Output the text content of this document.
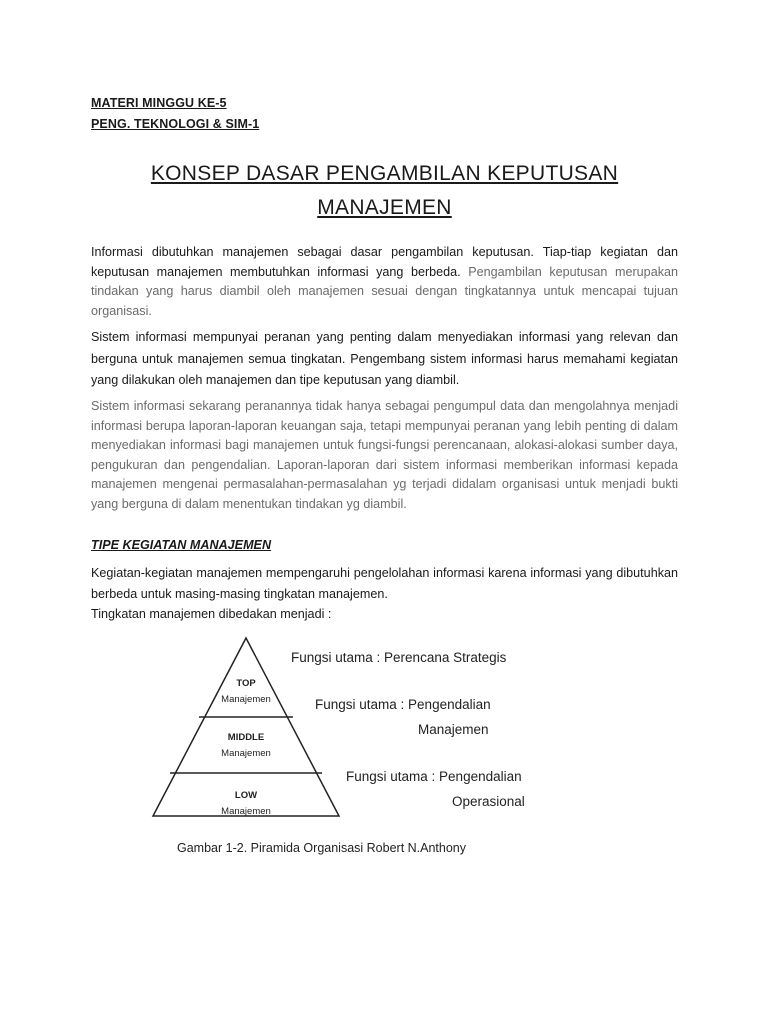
MATERI MINGGU KE-5
PENG. TEKNOLOGI & SIM-1
KONSEP DASAR PENGAMBILAN KEPUTUSAN
MANAJEMEN
Informasi dibutuhkan manajemen sebagai dasar pengambilan keputusan. Tiap-tiap kegiatan dan keputusan manajemen membutuhkan informasi yang berbeda. Pengambilan keputusan merupakan tindakan yang harus diambil oleh manajemen sesuai dengan tingkatannya untuk mencapai tujuan organisasi.
Sistem informasi mempunyai peranan yang penting dalam menyediakan informasi yang relevan dan berguna untuk manajemen semua tingkatan. Pengembang sistem informasi harus memahami kegiatan yang dilakukan oleh manajemen dan tipe keputusan yang diambil.
Sistem informasi sekarang peranannya tidak hanya sebagai pengumpul data dan mengolahnya menjadi informasi berupa laporan-laporan keuangan saja, tetapi mempunyai peranan yang lebih penting di dalam menyediakan informasi bagi manajemen untuk fungsi-fungsi perencanaan, alokasi-alokasi sumber daya, pengukuran dan pengendalian. Laporan-laporan dari sistem informasi memberikan informasi kepada manajemen mengenai permasalahan-permasalahan yg terjadi didalam organisasi untuk menjadi bukti yang berguna di dalam menentukan tindakan yg diambil.
TIPE KEGIATAN MANAJEMEN
Kegiatan-kegiatan manajemen mempengaruhi pengelolahan informasi karena informasi yang dibutuhkan berbeda untuk masing-masing tingkatan manajemen.
Tingkatan manajemen dibedakan menjadi :
TOP
Manajemen
MIDDLE
Manajemen
LOW
Manajemen
Fungsi utama : Perencana Strategis
Fungsi utama : Pengendalian
Manajemen
Fungsi utama : Pengendalian
Operasional
Gambar 1-2. Piramida Organisasi Robert N.Anthony
